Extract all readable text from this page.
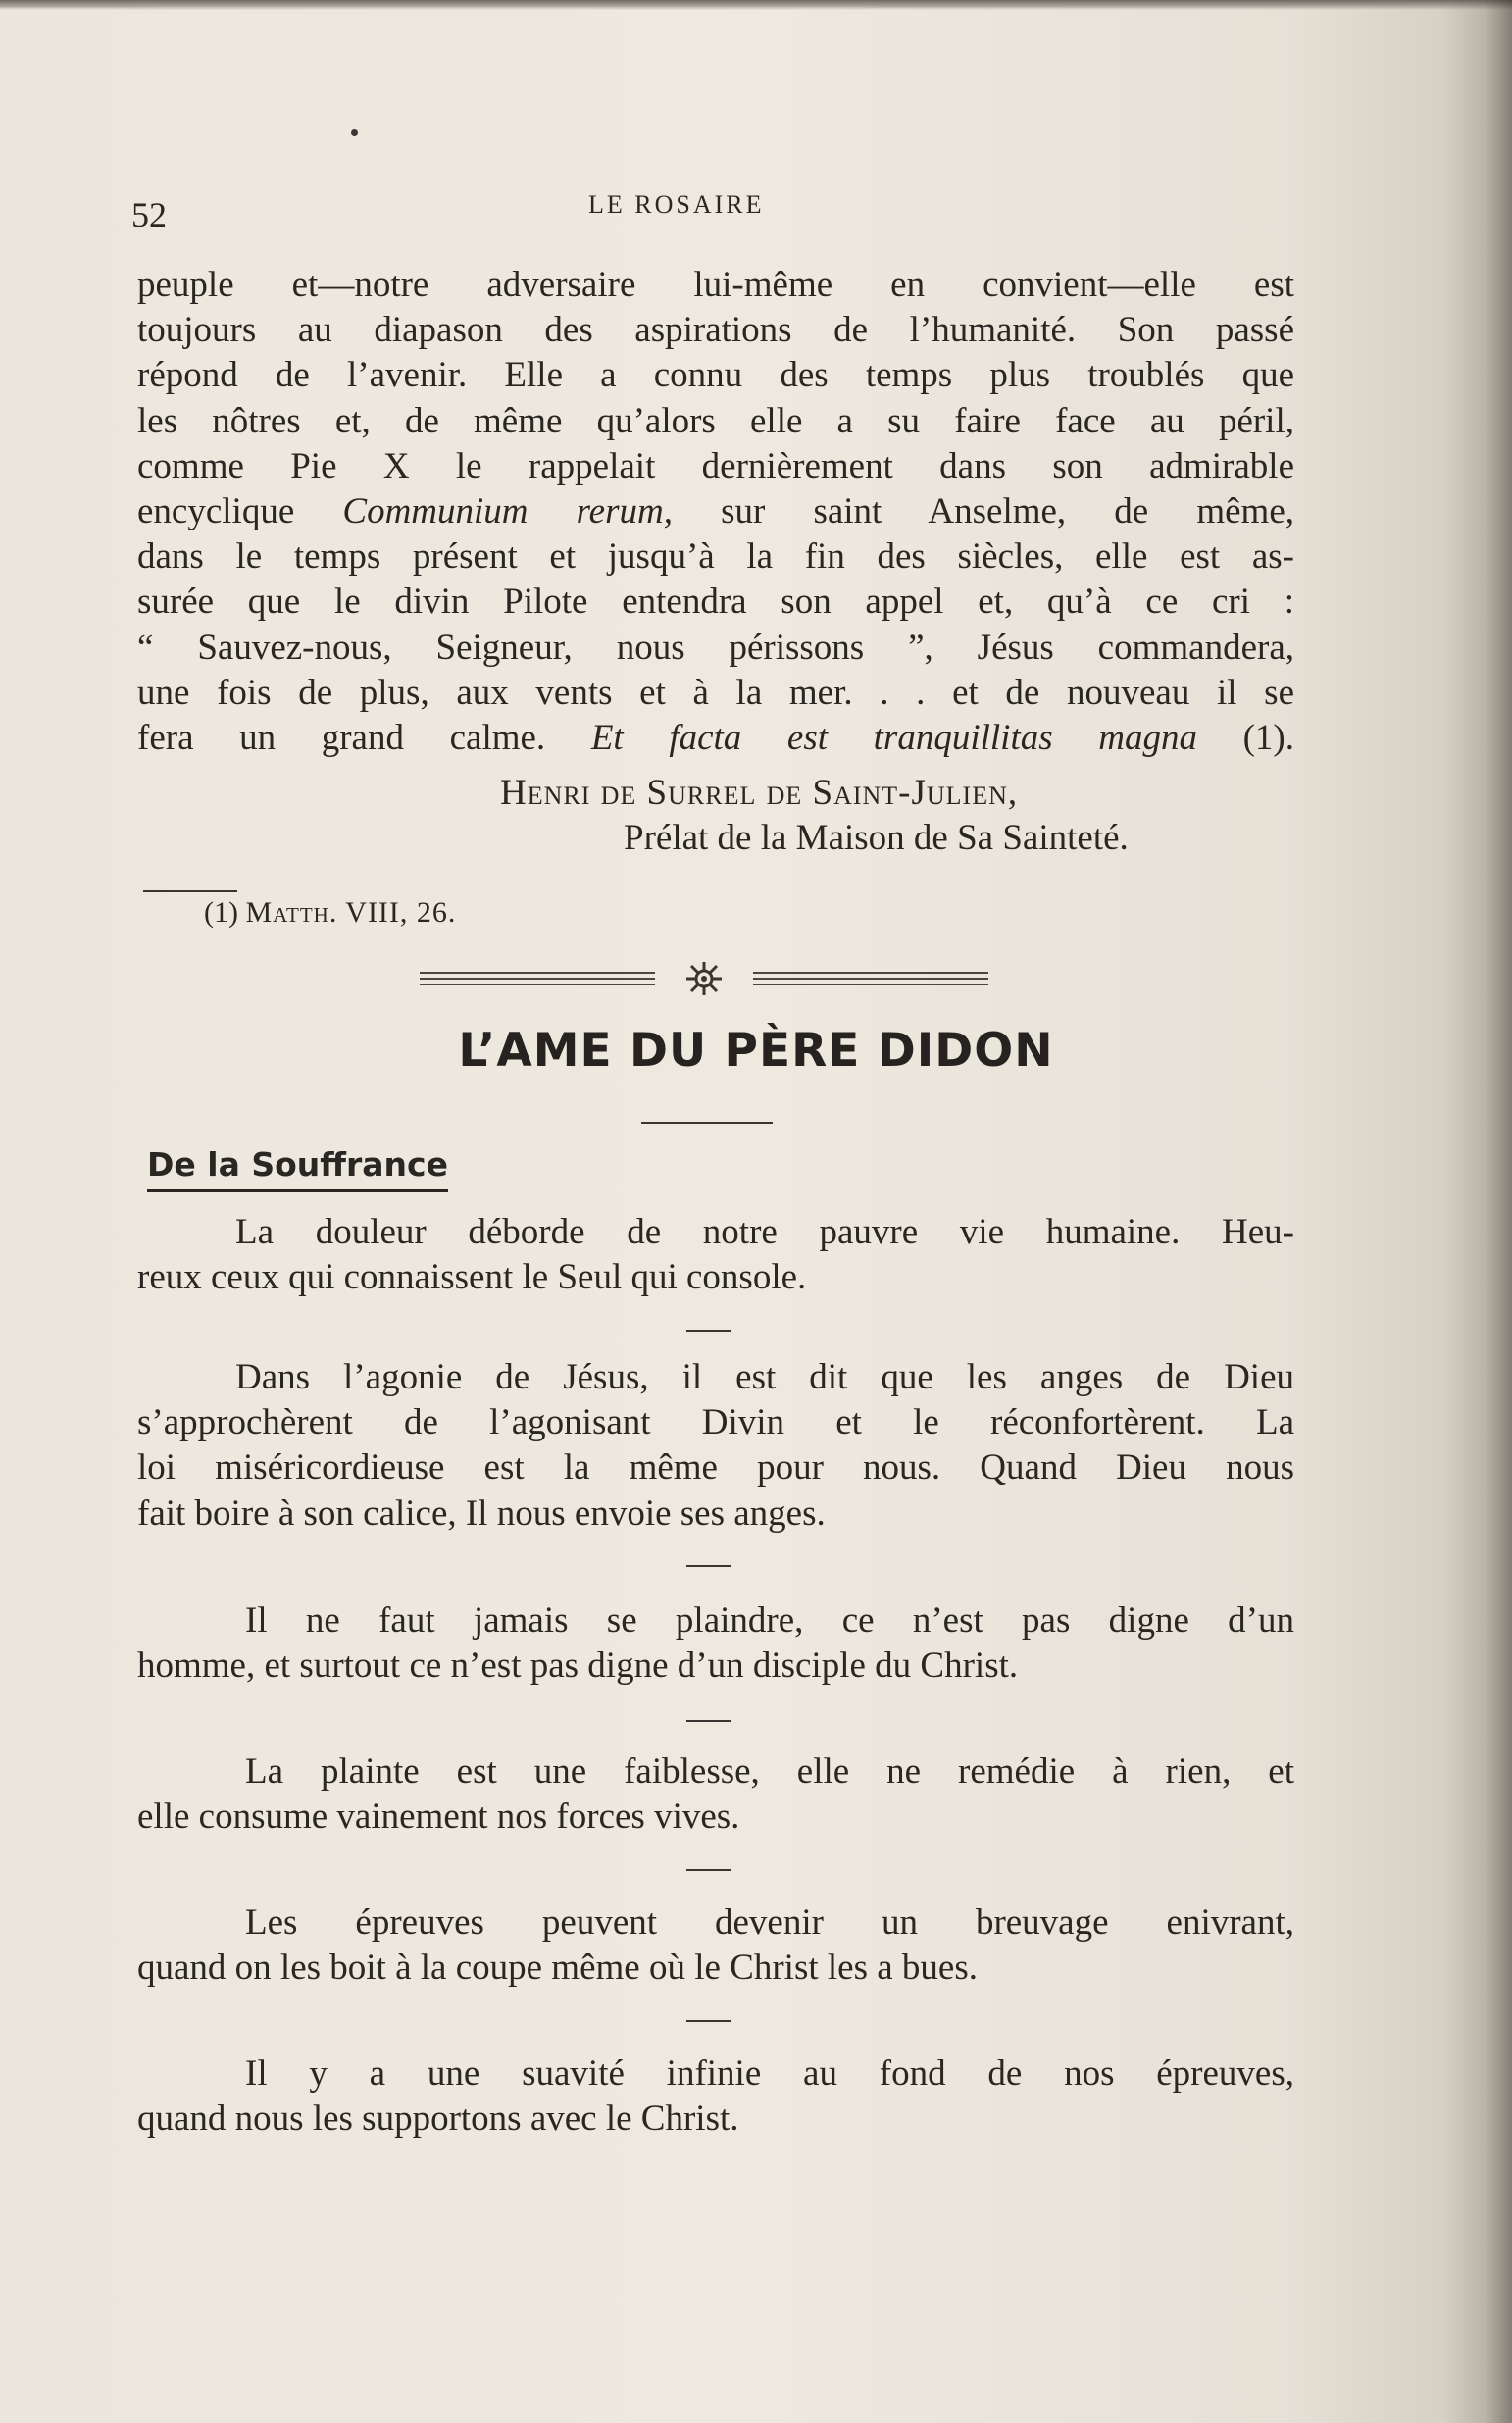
52	LE ROSAIRE
peuple et—notre adversaire lui-même en convient—elle est
toujours au diapason des aspirations de l’humanité. Son passé
répond de l’avenir. Elle a connu des temps plus troublés que
les nôtres et, de même qu’alors elle a su faire face au péril,
comme Pie X le rappelait dernièrement dans son admirable
encyclique Communium rerum, sur saint Anselme, de même,
dans le temps présent et jusqu’à la fin des siècles, elle est as-
surée que le divin Pilote entendra son appel et, qu’à ce cri :
“ Sauvez-nous, Seigneur, nous périssons ”, Jésus commandera,
une fois de plus, aux vents et à la mer. . . et de nouveau il se
fera un grand calme. Et facta est tranquillitas magna (1).
Henri de Surrel de Saint-Julien,
Prélat de la Maison de Sa Sainteté.
(1) Matth. VIII, 26.
L’AME DU PÈRE DIDON
De la Souffrance
La douleur déborde de notre pauvre vie humaine. Heu-
reux ceux qui connaissent le Seul qui console.
Dans l’agonie de Jésus, il est dit que les anges de Dieu
s’approchèrent de l’agonisant Divin et le réconfortèrent. La
loi miséricordieuse est la même pour nous. Quand Dieu nous
fait boire à son calice, Il nous envoie ses anges.
Il ne faut jamais se plaindre, ce n’est pas digne d’un
homme, et surtout ce n’est pas digne d’un disciple du Christ.
La plainte est une faiblesse, elle ne remédie à rien, et
elle consume vainement nos forces vives.
Les épreuves peuvent devenir un breuvage enivrant,
quand on les boit à la coupe même où le Christ les a bues.
Il y a une suavité infinie au fond de nos épreuves,
quand nous les supportons avec le Christ.
